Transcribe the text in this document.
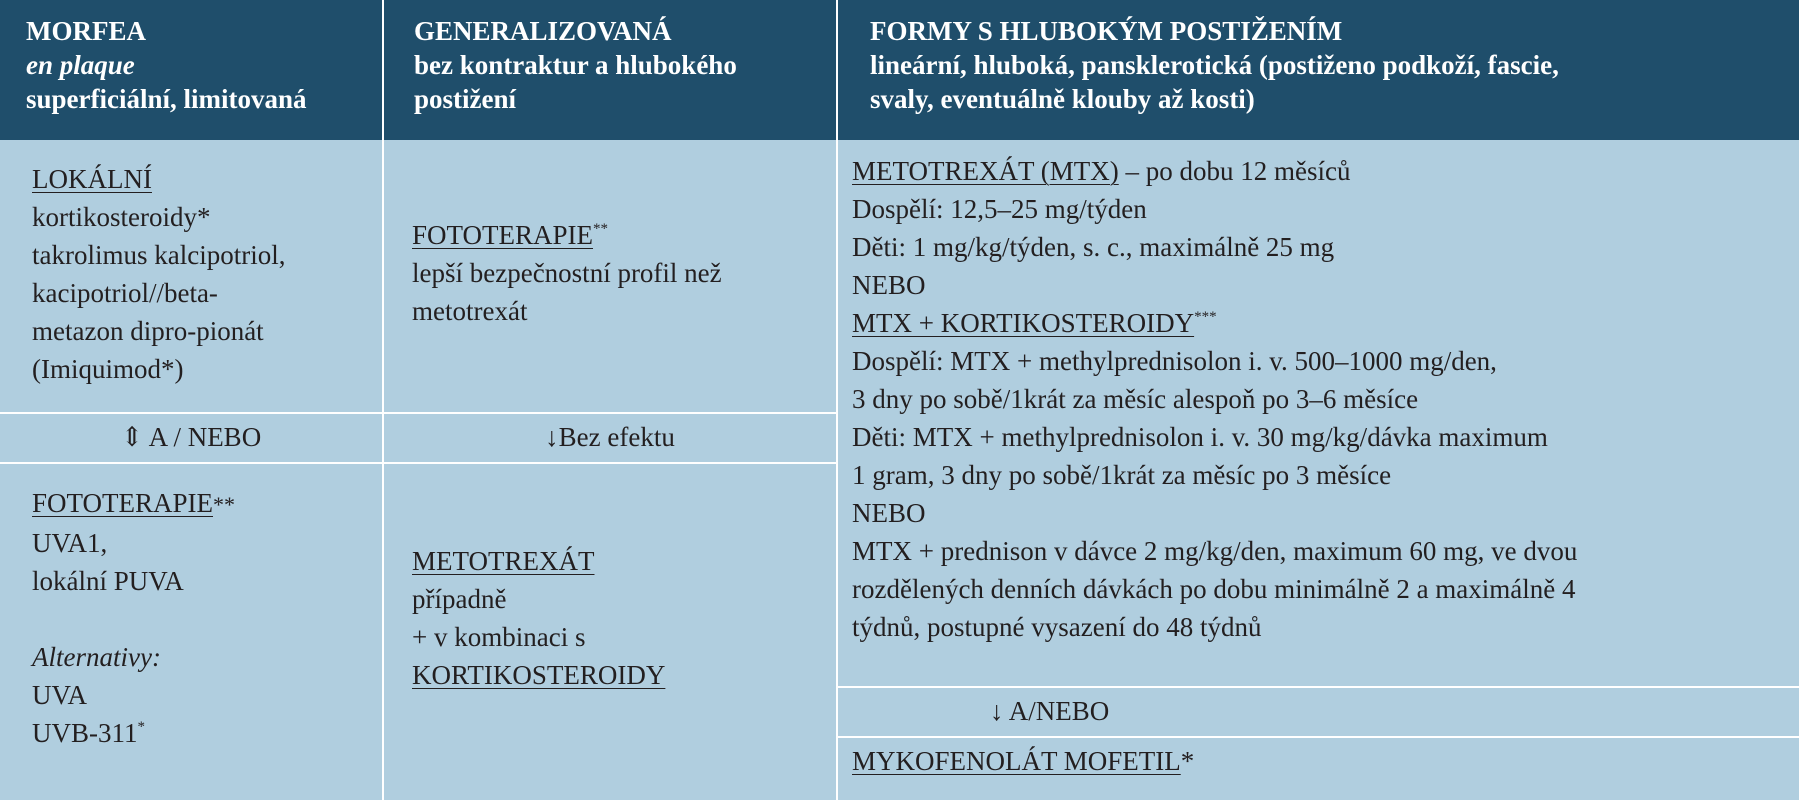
MORFEA
en plaque
superficiální, limitovaná
GENERALIZOVANÁ
bez kontraktur a hlubokého
postižení
FORMY S HLUBOKÝM POSTIŽENÍM
lineární, hluboká, pansklerotická (postiženo podkoží, fascie,
svaly, eventuálně klouby až kosti)
LOKÁLNÍ
kortikosteroidy*
takrolimus kalcipotriol,
kacipotriol//beta-
metazon dipro-pionát
(Imiquimod*)
⇕ A / NEBO
FOTOTERAPIE**
UVA1,
lokální PUVA
Alternativy:
UVA
UVB-311*
FOTOTERAPIE**
lepší bezpečnostní profil než
metotrexát
↓Bez efektu
METOTREXÁT
případně
+ v kombinaci s
KORTIKOSTEROIDY
METOTREXÁT (MTX) – po dobu 12 měsíců
Dospělí: 12,5–25 mg/týden
Děti: 1 mg/kg/týden, s. c., maximálně 25 mg
NEBO
MTX + KORTIKOSTEROIDY***
Dospělí: MTX + methylprednisolon i. v. 500–1000 mg/den,
3 dny po sobě/1krát za měsíc alespoň po 3–6 měsíce
Děti: MTX + methylprednisolon i. v. 30 mg/kg/dávka maximum
1 gram, 3 dny po sobě/1krát za měsíc po 3 měsíce
NEBO
MTX + prednison v dávce 2 mg/kg/den, maximum 60 mg, ve dvou
rozdělených denních dávkách po dobu minimálně 2 a maximálně 4
týdnů, postupné vysazení do 48 týdnů
↓ A/NEBO
MYKOFENOLÁT MOFETIL*
